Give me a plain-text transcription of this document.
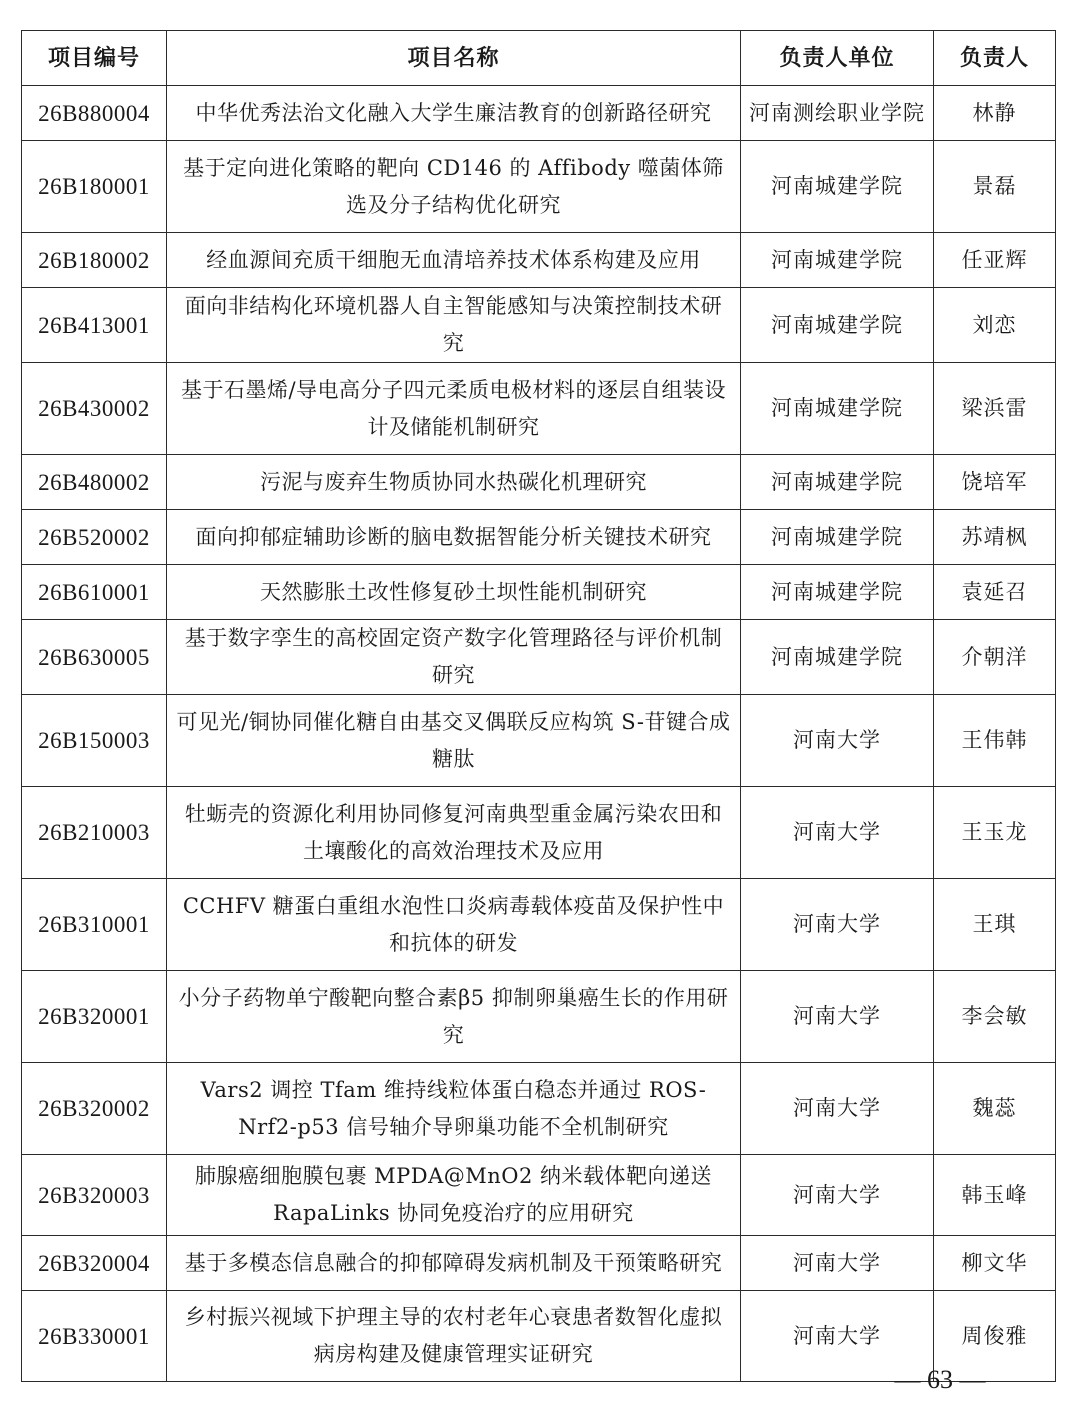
项目编号	项目名称	负责人单位	负责人
26B880004	中华优秀法治文化融入大学生廉洁教育的创新路径研究	河南测绘职业学院	林静
26B180001	基于定向进化策略的靶向 CD146 的 Affibody 噬菌体筛选及分子结构优化研究	河南城建学院	景磊
26B180002	经血源间充质干细胞无血清培养技术体系构建及应用	河南城建学院	任亚辉
26B413001	面向非结构化环境机器人自主智能感知与决策控制技术研究	河南城建学院	刘恋
26B430002	基于石墨烯/导电高分子四元柔质电极材料的逐层自组装设计及储能机制研究	河南城建学院	梁浜雷
26B480002	污泥与废弃生物质协同水热碳化机理研究	河南城建学院	饶培军
26B520002	面向抑郁症辅助诊断的脑电数据智能分析关键技术研究	河南城建学院	苏靖枫
26B610001	天然膨胀土改性修复砂土坝性能机制研究	河南城建学院	袁延召
26B630005	基于数字孪生的高校固定资产数字化管理路径与评价机制研究	河南城建学院	介朝洋
26B150003	可见光/铜协同催化糖自由基交叉偶联反应构筑 S-苷键合成糖肽	河南大学	王伟韩
26B210003	牡蛎壳的资源化利用协同修复河南典型重金属污染农田和土壤酸化的高效治理技术及应用	河南大学	王玉龙
26B310001	CCHFV 糖蛋白重组水泡性口炎病毒载体疫苗及保护性中和抗体的研发	河南大学	王琪
26B320001	小分子药物单宁酸靶向整合素β5 抑制卵巢癌生长的作用研究	河南大学	李会敏
26B320002	Vars2 调控 Tfam 维持线粒体蛋白稳态并通过 ROS-Nrf2-p53 信号轴介导卵巢功能不全机制研究	河南大学	魏蕊
26B320003	肺腺癌细胞膜包裹 MPDA@MnO2 纳米载体靶向递送 RapaLinks 协同免疫治疗的应用研究	河南大学	韩玉峰
26B320004	基于多模态信息融合的抑郁障碍发病机制及干预策略研究	河南大学	柳文华
26B330001	乡村振兴视域下护理主导的农村老年心衰患者数智化虚拟病房构建及健康管理实证研究	河南大学	周俊雅
— 63 —
